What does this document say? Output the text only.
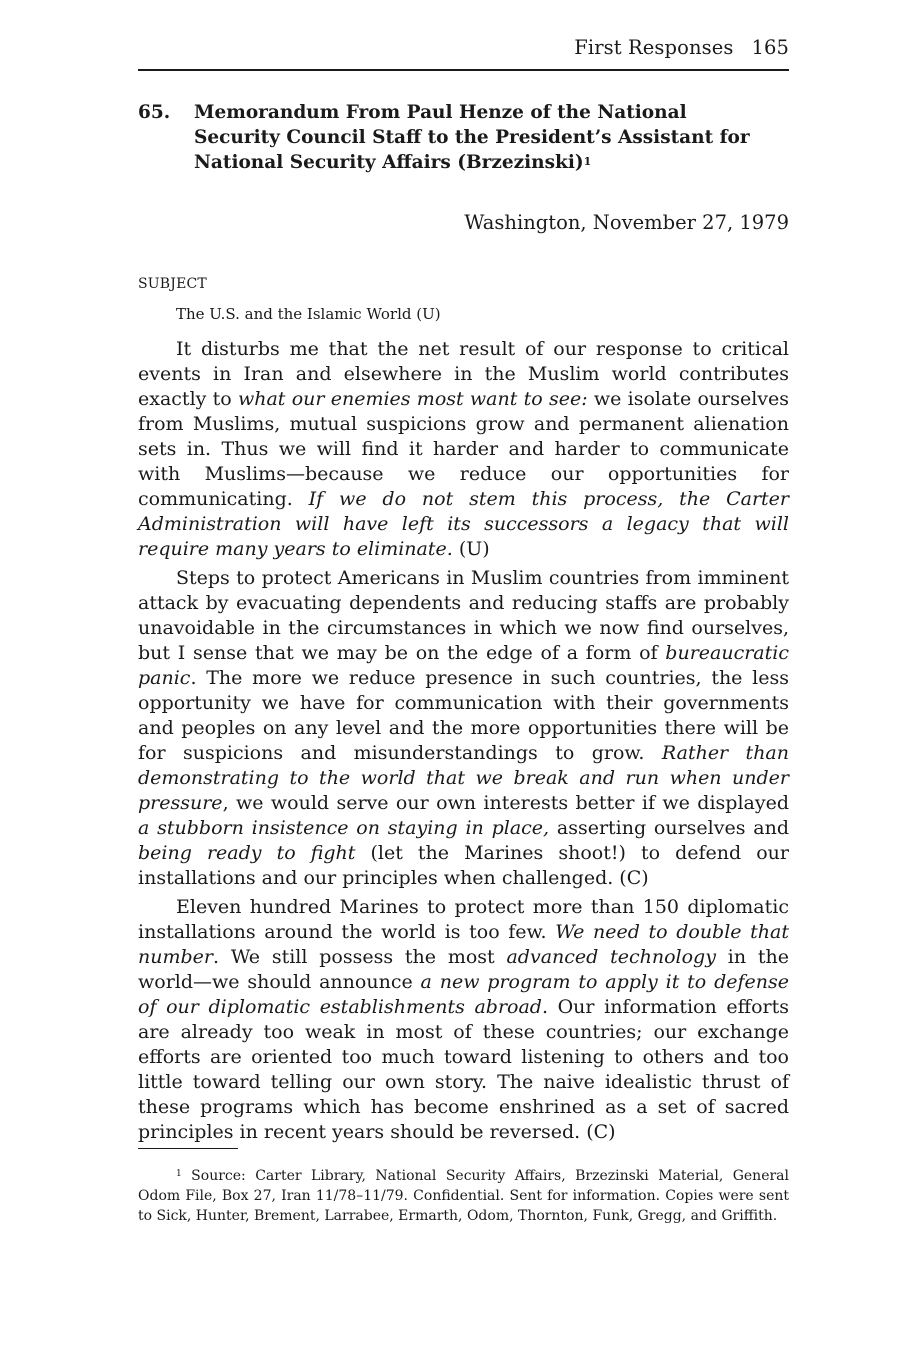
First Responses 165
65. Memorandum From Paul Henze of the National Security Council Staff to the President’s Assistant for National Security Affairs (Brzezinski)$^1$
Washington, November 27, 1979
SUBJECT
The U.S. and the Islamic World (U)

It disturbs me that the net result of our response to critical events in Iran and elsewhere in the Muslim world contributes exactly to what our enemies most want to see: we isolate ourselves from Muslims, mutual suspicions grow and permanent alienation sets in. Thus we will find it harder and harder to communicate with Muslims—because we reduce our opportunities for communicating. If we do not stem this process, the Carter Administration will have left its successors a legacy that will require many years to eliminate. (U)

Steps to protect Americans in Muslim countries from imminent attack by evacuating dependents and reducing staffs are probably unavoidable in the circumstances in which we now find ourselves, but I sense that we may be on the edge of a form of bureaucratic panic. The more we reduce presence in such countries, the less opportunity we have for communication with their governments and peoples on any level and the more opportunities there will be for suspicions and misunderstandings to grow. Rather than demonstrating to the world that we break and run when under pressure, we would serve our own interests better if we displayed a stubborn insistence on staying in place, asserting ourselves and being ready to fight (let the Marines shoot!) to defend our installations and our principles when challenged. (C)

Eleven hundred Marines to protect more than 150 diplomatic installations around the world is too few. We need to double that number. We still possess the most advanced technology in the world—we should announce a new program to apply it to defense of our diplomatic establishments abroad. Our information efforts are already too weak in most of these countries; our exchange efforts are oriented too much toward listening to others and too little toward telling our own story. The naive idealistic thrust of these programs which has become enshrined as a set of sacred principles in recent years should be reversed. (C)

$^1$ Source: Carter Library, National Security Affairs, Brzezinski Material, General Odom File, Box 27, Iran 11/78–11/79. Confidential. Sent for information. Copies were sent to Sick, Hunter, Brement, Larrabee, Ermarth, Odom, Thornton, Funk, Gregg, and Griffith.
